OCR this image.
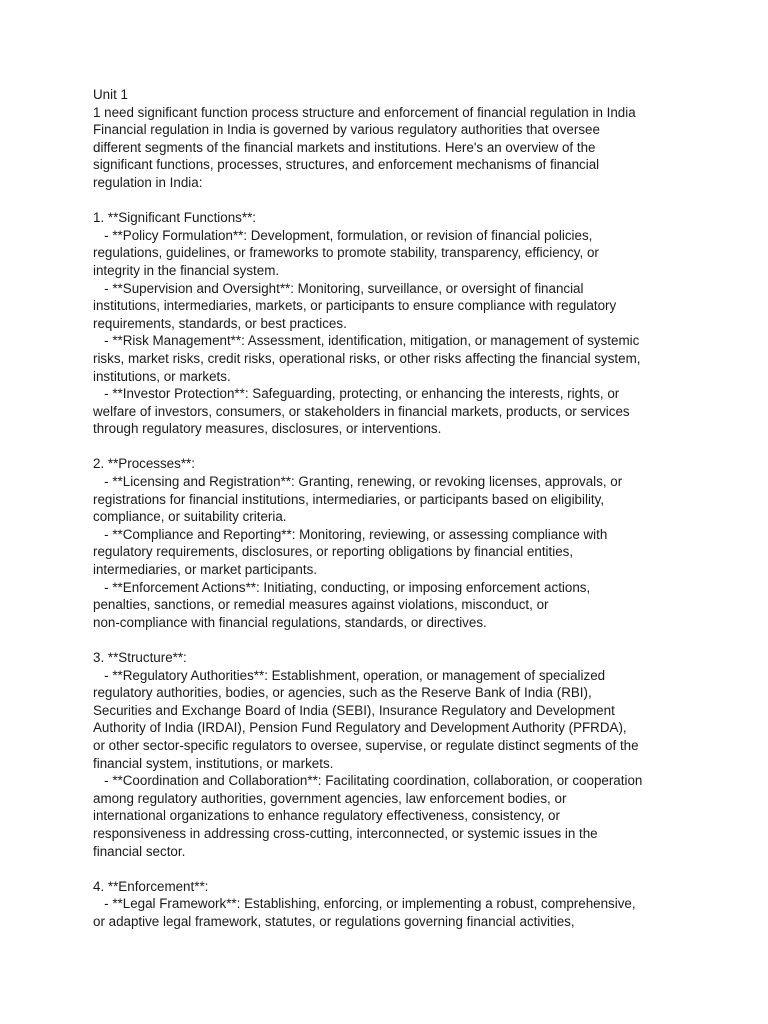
Unit 1
1 need significant function process structure and enforcement of financial regulation in India
Financial regulation in India is governed by various regulatory authorities that oversee
different segments of the financial markets and institutions. Here's an overview of the
significant functions, processes, structures, and enforcement mechanisms of financial
regulation in India:
1. **Significant Functions**:
- **Policy Formulation**: Development, formulation, or revision of financial policies,
regulations, guidelines, or frameworks to promote stability, transparency, efficiency, or
integrity in the financial system.
- **Supervision and Oversight**: Monitoring, surveillance, or oversight of financial
institutions, intermediaries, markets, or participants to ensure compliance with regulatory
requirements, standards, or best practices.
- **Risk Management**: Assessment, identification, mitigation, or management of systemic
risks, market risks, credit risks, operational risks, or other risks affecting the financial system,
institutions, or markets.
- **Investor Protection**: Safeguarding, protecting, or enhancing the interests, rights, or
welfare of investors, consumers, or stakeholders in financial markets, products, or services
through regulatory measures, disclosures, or interventions.
2. **Processes**:
- **Licensing and Registration**: Granting, renewing, or revoking licenses, approvals, or
registrations for financial institutions, intermediaries, or participants based on eligibility,
compliance, or suitability criteria.
- **Compliance and Reporting**: Monitoring, reviewing, or assessing compliance with
regulatory requirements, disclosures, or reporting obligations by financial entities,
intermediaries, or market participants.
- **Enforcement Actions**: Initiating, conducting, or imposing enforcement actions,
penalties, sanctions, or remedial measures against violations, misconduct, or
non-compliance with financial regulations, standards, or directives.
3. **Structure**:
- **Regulatory Authorities**: Establishment, operation, or management of specialized
regulatory authorities, bodies, or agencies, such as the Reserve Bank of India (RBI),
Securities and Exchange Board of India (SEBI), Insurance Regulatory and Development
Authority of India (IRDAI), Pension Fund Regulatory and Development Authority (PFRDA),
or other sector-specific regulators to oversee, supervise, or regulate distinct segments of the
financial system, institutions, or markets.
- **Coordination and Collaboration**: Facilitating coordination, collaboration, or cooperation
among regulatory authorities, government agencies, law enforcement bodies, or
international organizations to enhance regulatory effectiveness, consistency, or
responsiveness in addressing cross-cutting, interconnected, or systemic issues in the
financial sector.
4. **Enforcement**:
- **Legal Framework**: Establishing, enforcing, or implementing a robust, comprehensive,
or adaptive legal framework, statutes, or regulations governing financial activities,
